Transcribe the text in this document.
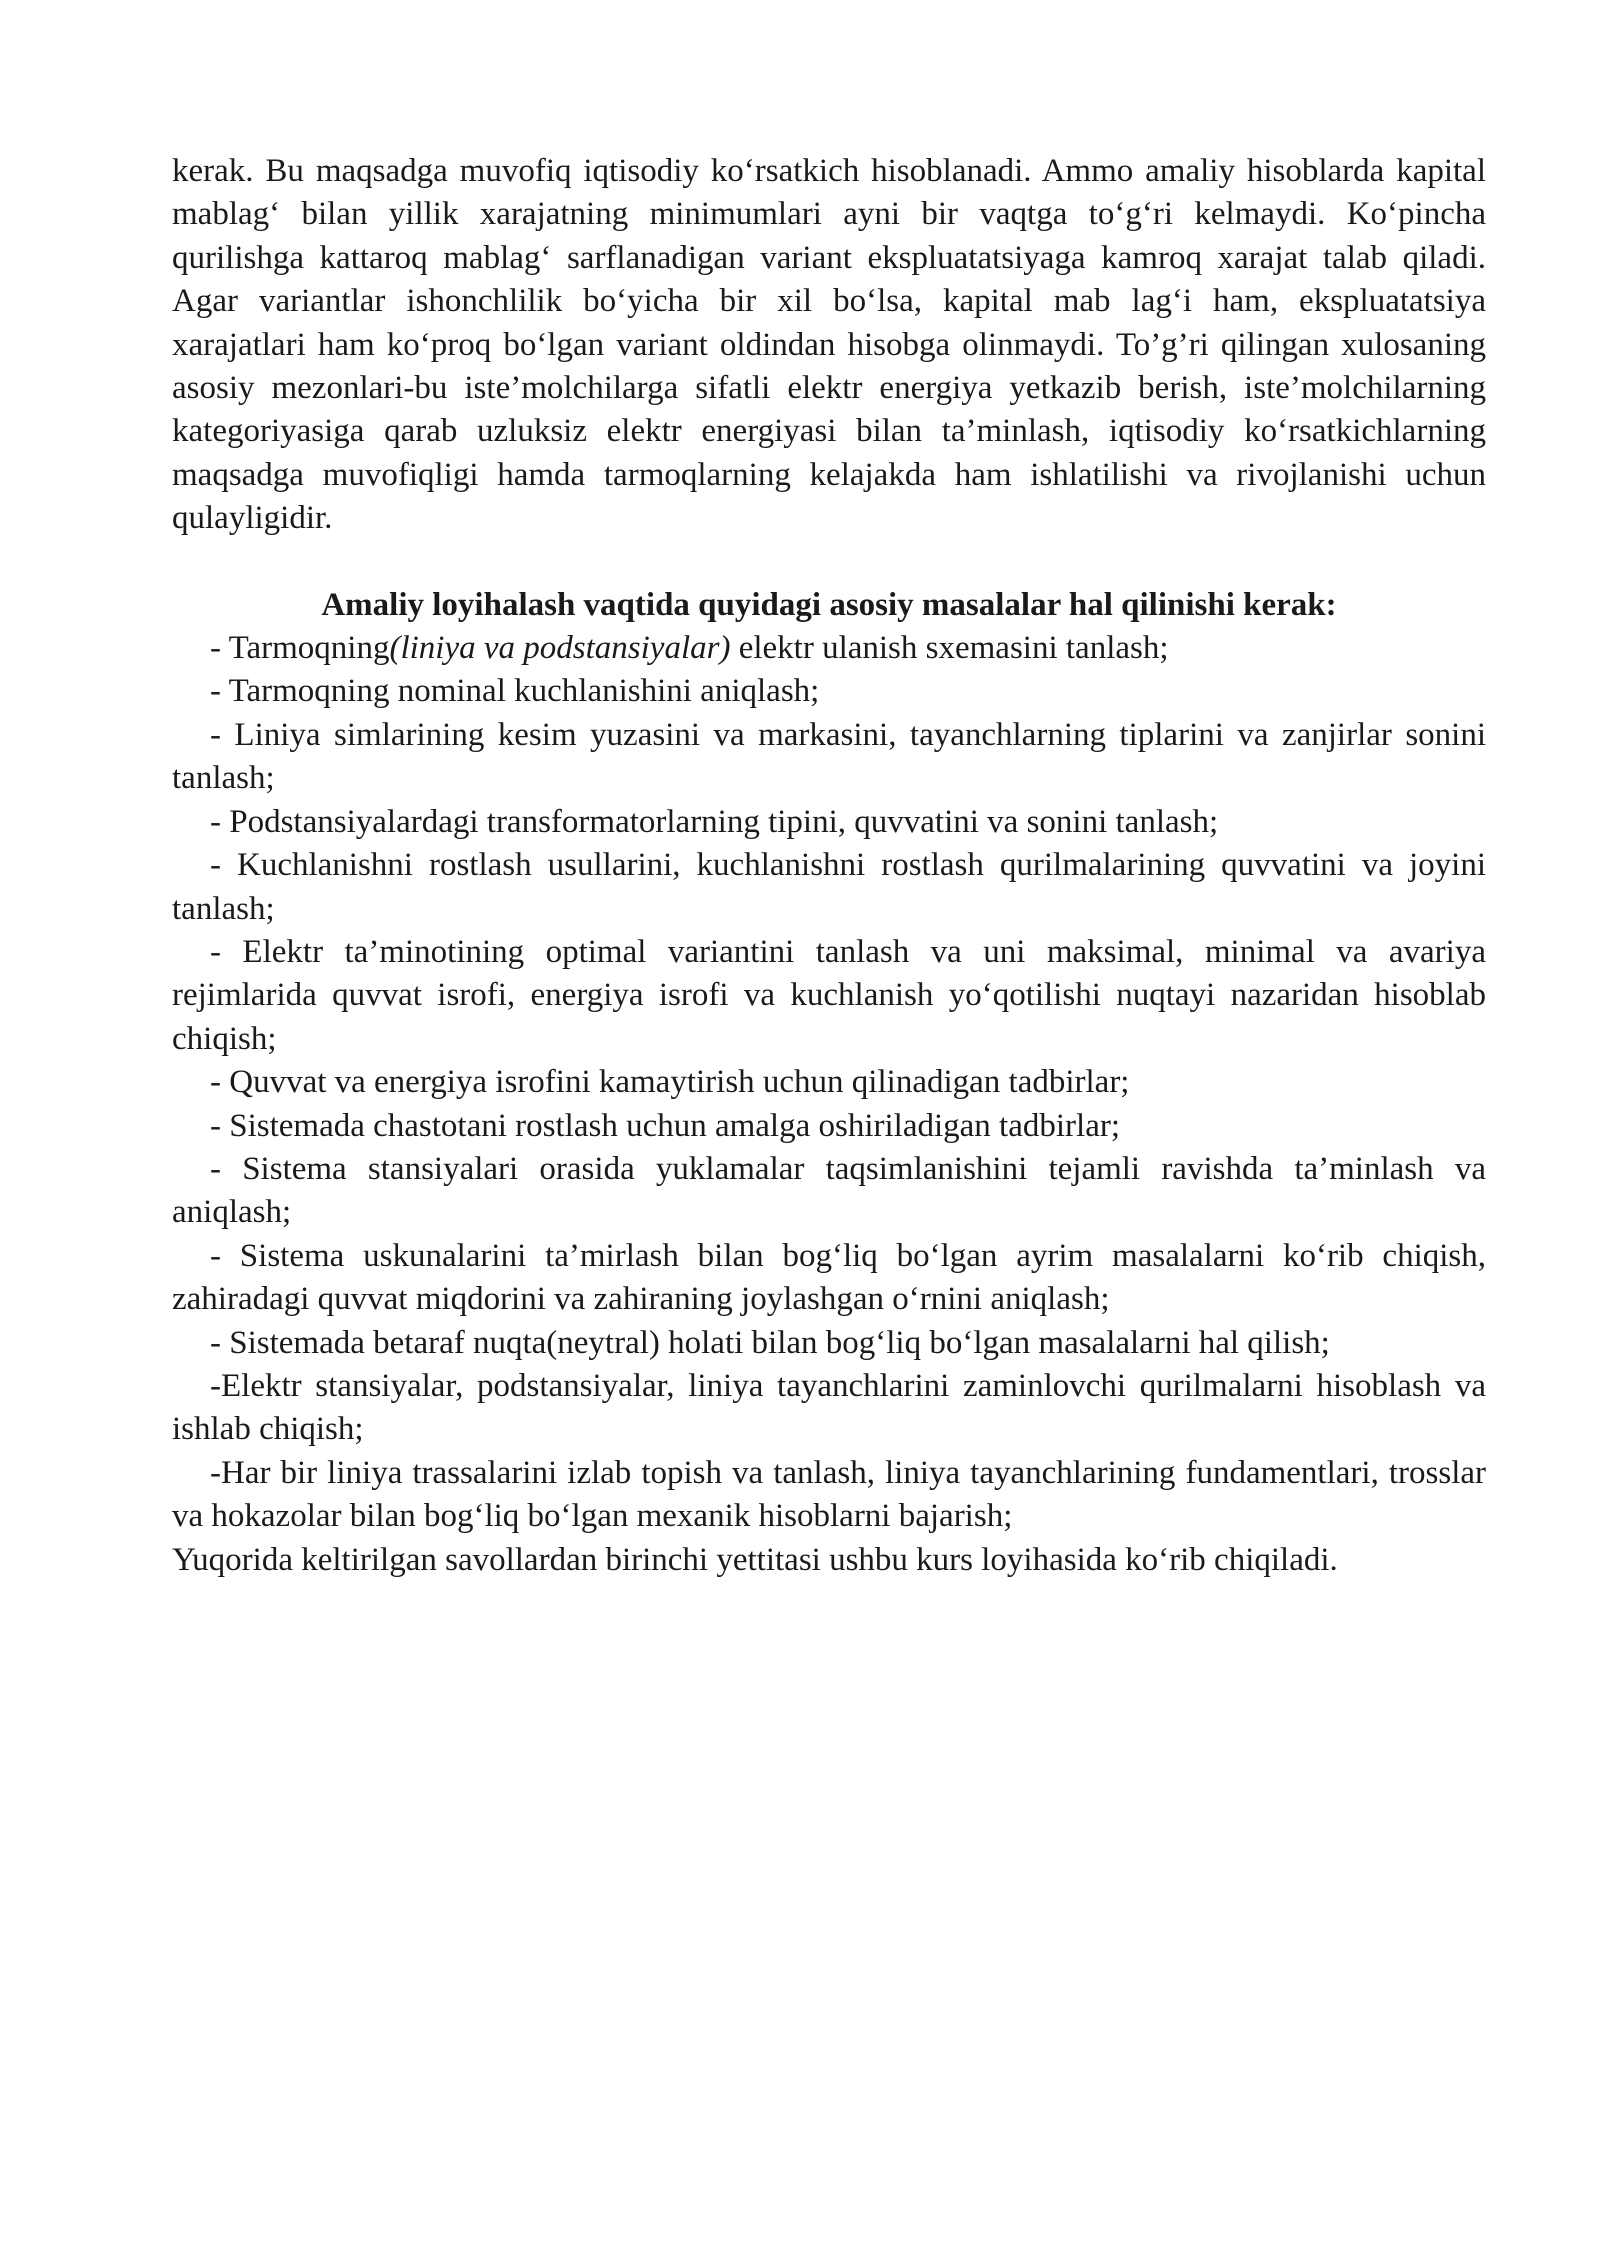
kerak. Bu maqsadga muvofiq iqtisodiy ko‘rsatkich hisoblanadi. Ammo amaliy hisoblarda kapital mablag‘ bilan yillik xarajatning minimumlari ayni bir vaqtga to‘g‘ri kelmaydi. Ko‘pincha qurilishga kattaroq mablag‘ sarflanadigan variant ekspluatatsiyaga kamroq xarajat talab qiladi. Agar variantlar ishonchlilik bo‘yicha bir xil bo‘lsa, kapital mab lag‘i ham, ekspluatatsiya xarajatlari ham ko‘proq bo‘lgan variant oldindan hisobga olinmaydi. To’g’ri qilingan xulosaning asosiy mezonlari-bu iste’molchilarga sifatli elektr energiya yetkazib berish, iste’molchilarning kategoriyasiga qarab uzluksiz elektr energiyasi bilan ta’minlash, iqtisodiy ko‘rsatkichlarning maqsadga muvofiqligi hamda tarmoqlarning kelajakda ham ishlatilishi va rivojlanishi uchun qulayligidir.

Amaliy loyihalash vaqtida quyidagi asosiy masalalar hal qilinishi kerak:

- Tarmoqning(liniya va podstansiyalar) elektr ulanish sxemasini tanlash;
- Tarmoqning nominal kuchlanishini aniqlash;
- Liniya simlarining kesim yuzasini va markasini, tayanchlarning tiplarini va zanjirlar sonini tanlash;
- Podstansiyalardagi transformatorlarning tipini, quvvatini va sonini tanlash;
- Kuchlanishni rostlash usullarini, kuchlanishni rostlash qurilmalarining quvvatini va joyini tanlash;
- Elektr ta’minotining optimal variantini tanlash va uni maksimal, minimal va avariya rejimlarida quvvat isrofi, energiya isrofi va kuchlanish yo‘qotilishi nuqtayi nazaridan hisoblab chiqish;
- Quvvat va energiya isrofini kamaytirish uchun qilinadigan tadbirlar;
- Sistemada chastotani rostlash uchun amalga oshiriladigan tadbirlar;
- Sistema stansiyalari orasida yuklamalar taqsimlanishini tejamli ravishda ta’minlash va aniqlash;
- Sistema uskunalarini ta’mirlash bilan bog‘liq bo‘lgan ayrim masalalarni ko‘rib chiqish, zahiradagi quvvat miqdorini va zahiraning joylashgan o‘rnini aniqlash;
- Sistemada betaraf nuqta(neytral) holati bilan bog‘liq bo‘lgan masalalarni hal qilish;
-Elektr stansiyalar, podstansiyalar, liniya tayanchlarini zaminlovchi qurilmalarni hisoblash va ishlab chiqish;
-Har bir liniya trassalarini izlab topish va tanlash, liniya tayanchlarining fundamentlari, trosslar va hokazolar bilan bog‘liq bo‘lgan mexanik hisoblarni bajarish;

Yuqorida keltirilgan savollardan birinchi yettitasi ushbu kurs loyihasida ko‘rib chiqiladi.
